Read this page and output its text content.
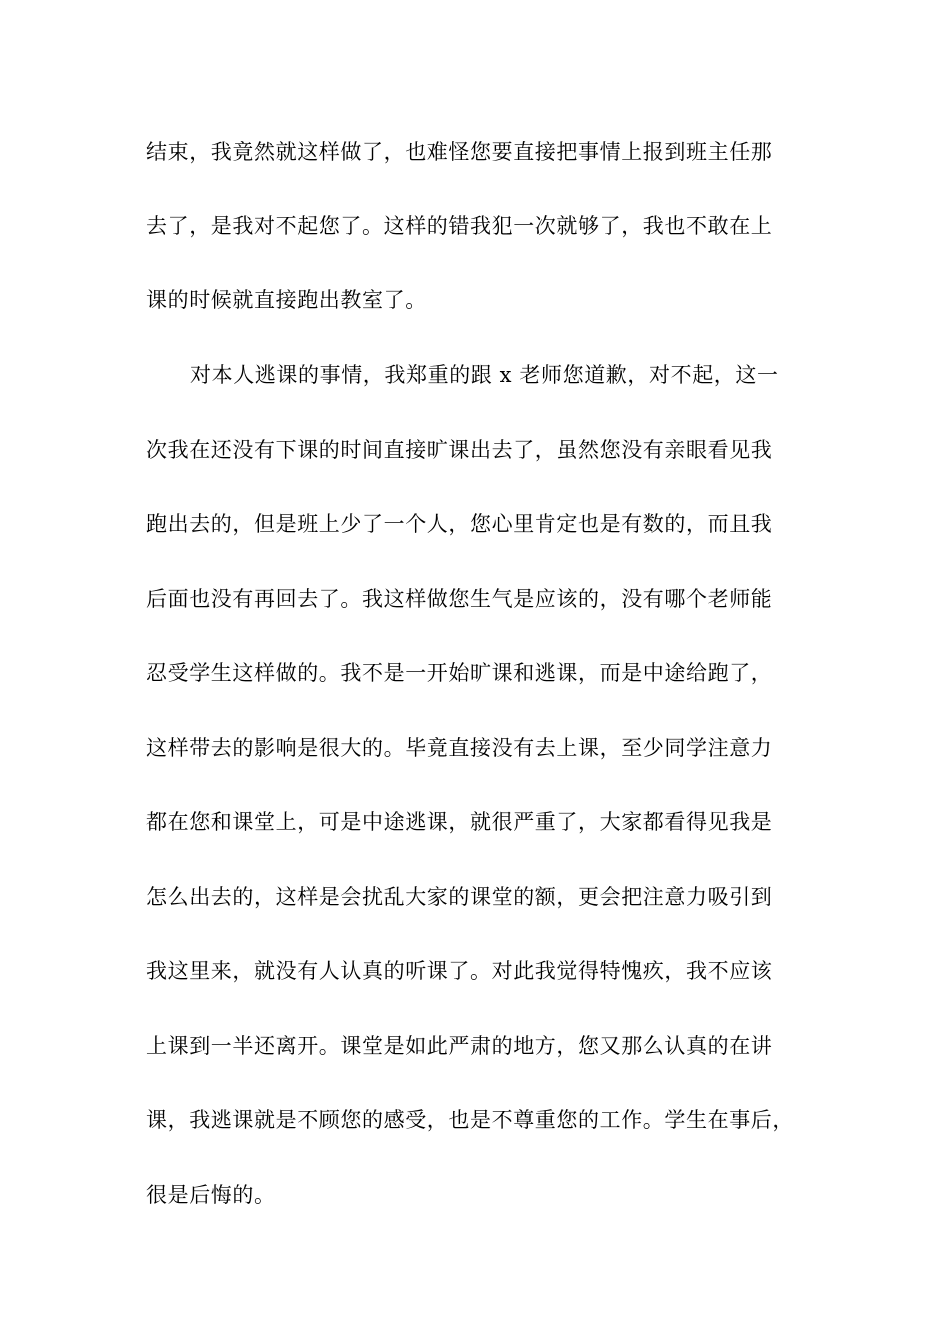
结束，我竟然就这样做了，也难怪您要直接把事情上报到班主任那
去了，是我对不起您了。这样的错我犯一次就够了，我也不敢在上
课的时候就直接跑出教室了。
对本人逃课的事情，我郑重的跟 x 老师您道歉，对不起，这一
次我在还没有下课的时间直接旷课出去了，虽然您没有亲眼看见我
跑出去的，但是班上少了一个人，您心里肯定也是有数的，而且我
后面也没有再回去了。我这样做您生气是应该的，没有哪个老师能
忍受学生这样做的。我不是一开始旷课和逃课，而是中途给跑了，
这样带去的影响是很大的。毕竟直接没有去上课，至少同学注意力
都在您和课堂上，可是中途逃课，就很严重了，大家都看得见我是
怎么出去的，这样是会扰乱大家的课堂的额，更会把注意力吸引到
我这里来，就没有人认真的听课了。对此我觉得特愧疚，我不应该
上课到一半还离开。课堂是如此严肃的地方，您又那么认真的在讲
课，我逃课就是不顾您的感受，也是不尊重您的工作。学生在事后，
很是后悔的。
